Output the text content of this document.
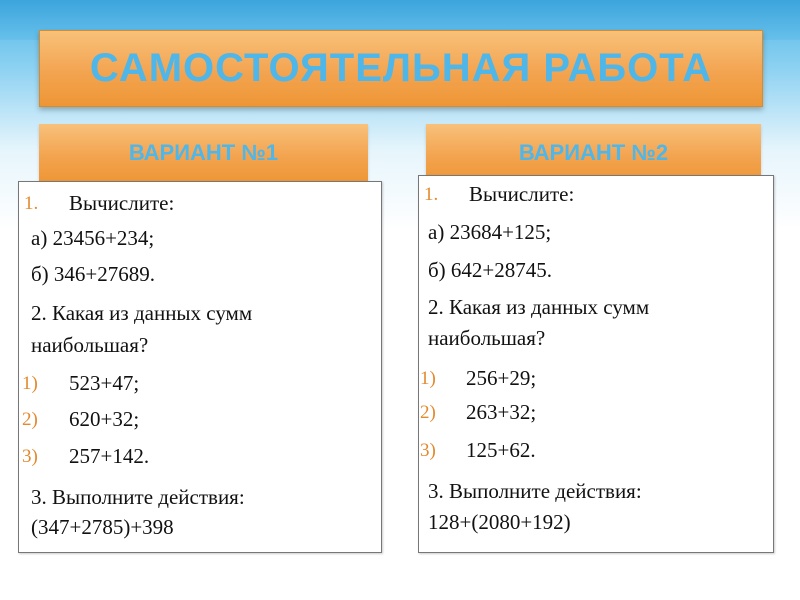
САМОСТОЯТЕЛЬНАЯ РАБОТА
ВАРИАНТ №1
1. Вычислите:
а) 23456+234;
б) 346+27689.
2. Какая из данных сумм
наибольшая?
1) 523+47;
2) 620+32;
3) 257+142.
3. Выполните действия:
(347+2785)+398
ВАРИАНТ №2
1. Вычислите:
а) 23684+125;
б) 642+28745.
2. Какая из данных сумм
наибольшая?
1) 256+29;
2) 263+32;
3) 125+62.
3. Выполните действия:
128+(2080+192)
